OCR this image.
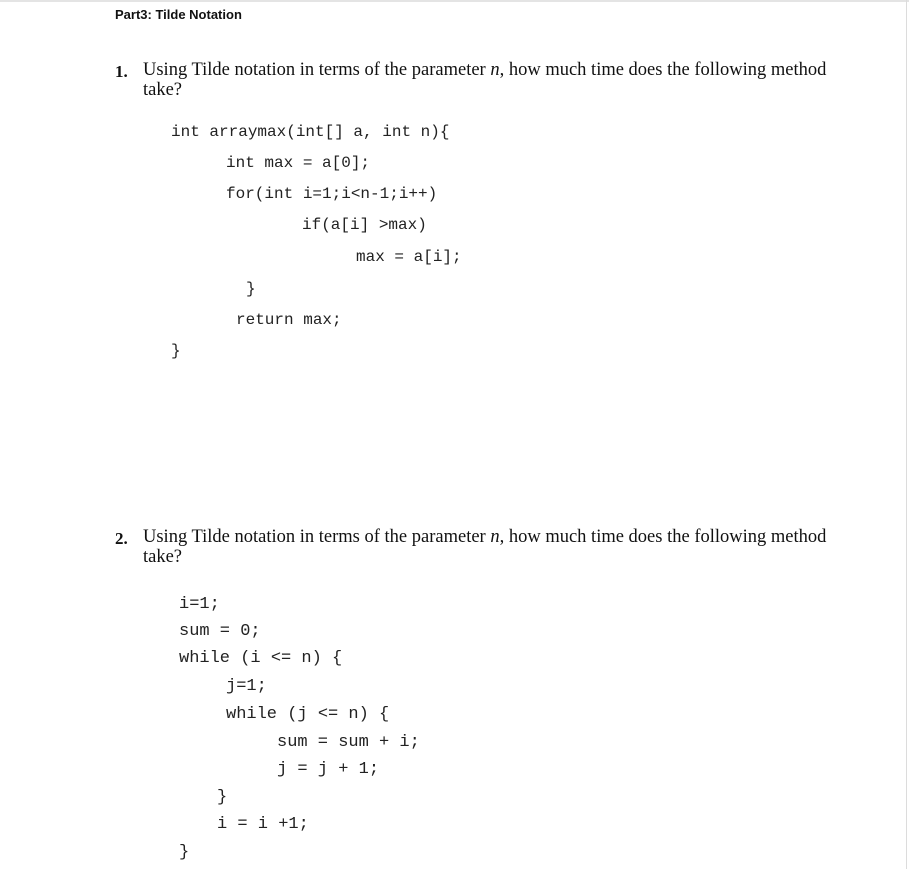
Part3: Tilde Notation
1. Using Tilde notation in terms of the parameter n, how much time does the following method take?
int arraymax(int[] a, int n){
int max = a[0];
for(int i=1;i<n-1;i++)
if(a[i] >max)
max = a[i];
}
return max;
}
2. Using Tilde notation in terms of the parameter n, how much time does the following method take?
i=1;
sum = 0;
while (i <= n) {
j=1;
while (j <= n) {
sum = sum + i;
j = j + 1;
}
i = i +1;
}
